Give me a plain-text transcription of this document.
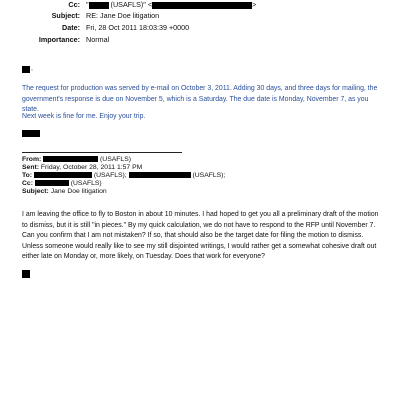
Cc: "	(USAFLS)" <	>
Subject: RE: Jane Doe litigation
Date: Fri, 28 Oct 2011 18:03:39 +0000
Importance: Normal
,
The request for production was served by e-mail on October 3, 2011. Adding 30 days, and three days for mailing, the government's response is due on November 5, which is a Saturday. The due date is Monday, November 7, as you state.
Next week is fine for me. Enjoy your trip.
From:	(USAFLS)
Sent: Friday, October 28, 2011 1:57 PM
To:	(USAFLS);	(USAFLS);
Cc:	(USAFLS)
Subject: Jane Doe litigation
I am leaving the office to fly to Boston in about 10 minutes. I had hoped to get you all a preliminary draft of the motion to dismiss, but it is still "in pieces." By my quick calculation, we do not have to respond to the RFP until November 7. Can you confirm that I am not mistaken? If so, that should also be the target date for filing the motion to dismiss. Unless someone would really like to see my still disjointed writings, I would rather get a somewhat cohesive draft out either late on Monday or, more likely, on Tuesday. Does that work for everyone?
